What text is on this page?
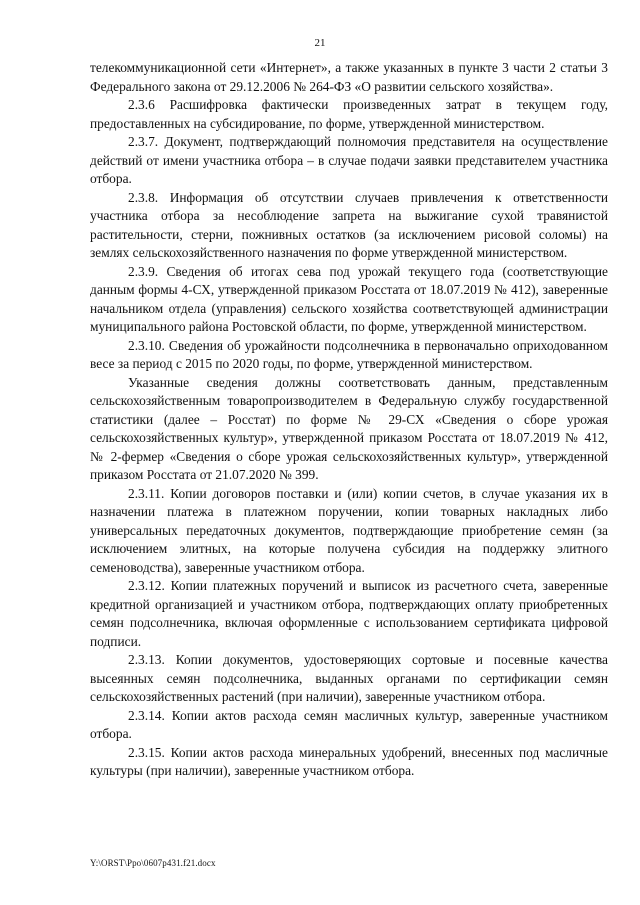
21

телекоммуникационной сети «Интернет», а также указанных в пункте 3 части 2 статьи 3 Федерального закона от 29.12.2006 № 264-ФЗ «О развитии сельского хозяйства».

2.3.6 Расшифровка фактически произведенных затрат в текущем году, предоставленных на субсидирование, по форме, утвержденной министерством.

2.3.7. Документ, подтверждающий полномочия представителя на осуществление действий от имени участника отбора – в случае подачи заявки представителем участника отбора.

2.3.8. Информация об отсутствии случаев привлечения к ответственности участника отбора за несоблюдение запрета на выжигание сухой травянистой растительности, стерни, пожнивных остатков (за исключением рисовой соломы) на землях сельскохозяйственного назначения по форме утвержденной министерством.

2.3.9. Сведения об итогах сева под урожай текущего года (соответствующие данным формы 4-СХ, утвержденной приказом Росстата от 18.07.2019 № 412), заверенные начальником отдела (управления) сельского хозяйства соответствующей администрации муниципального района Ростовской области, по форме, утвержденной министерством.

2.3.10. Сведения об урожайности подсолнечника в первоначально оприходованном весе за период с 2015 по 2020 годы, по форме, утвержденной министерством.

Указанные сведения должны соответствовать данным, представленным сельскохозяйственным товаропроизводителем в Федеральную службу государственной статистики (далее – Росстат) по форме № 29-СХ «Сведения о сборе урожая сельскохозяйственных культур», утвержденной приказом Росстата от 18.07.2019 № 412, № 2-фермер «Сведения о сборе урожая сельскохозяйственных культур», утвержденной приказом Росстата от 21.07.2020 № 399.

2.3.11. Копии договоров поставки и (или) копии счетов, в случае указания их в назначении платежа в платежном поручении, копии товарных накладных либо универсальных передаточных документов, подтверждающие приобретение семян (за исключением элитных, на которые получена субсидия на поддержку элитного семеноводства), заверенные участником отбора.

2.3.12. Копии платежных поручений и выписок из расчетного счета, заверенные кредитной организацией и участником отбора, подтверждающих оплату приобретенных семян подсолнечника, включая оформленные с использованием сертификата цифровой подписи.

2.3.13. Копии документов, удостоверяющих сортовые и посевные качества высеянных семян подсолнечника, выданных органами по сертификации семян сельскохозяйственных растений (при наличии), заверенные участником отбора.

2.3.14. Копии актов расхода семян масличных культур, заверенные участником отбора.

2.3.15. Копии актов расхода минеральных удобрений, внесенных под масличные культуры (при наличии), заверенные участником отбора.

Y:\ORST\Ppo\0607p431.f21.docx
